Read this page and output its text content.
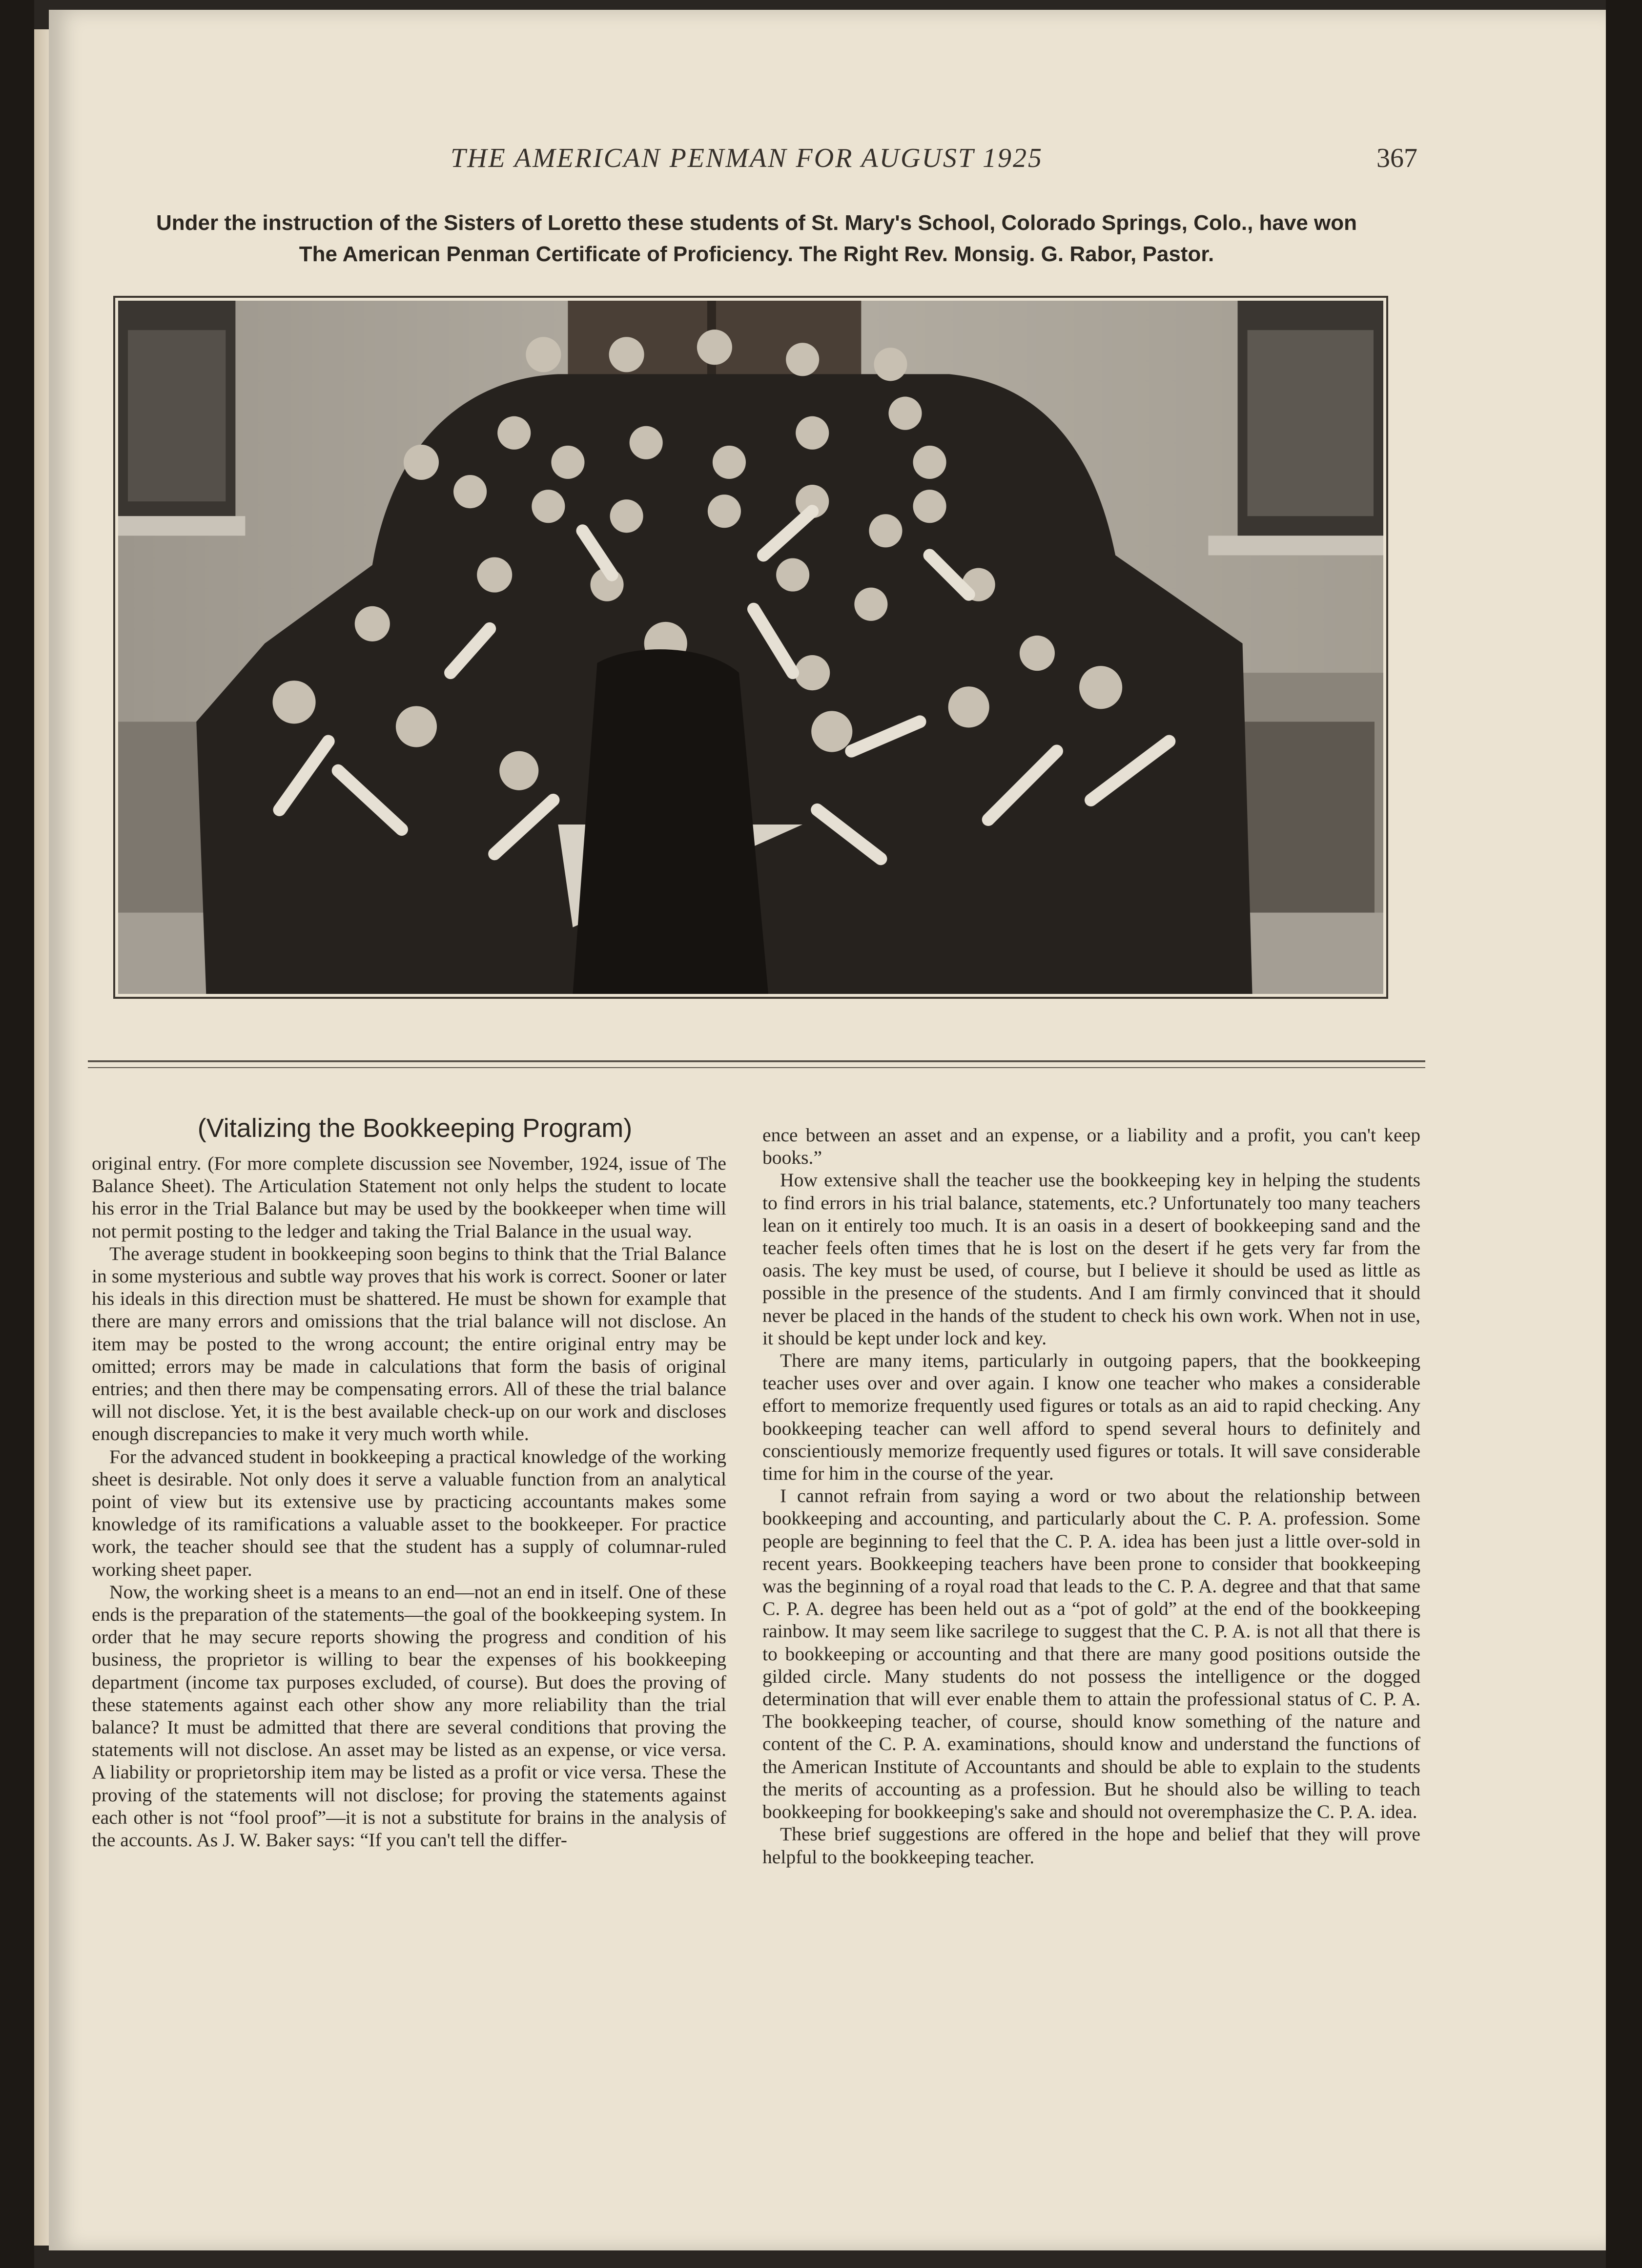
THE AMERICAN PENMAN FOR AUGUST 1925	367
Under the instruction of the Sisters of Loretto these students of St. Mary's School, Colorado Springs, Colo., have won
The American Penman Certificate of Proficiency. The Right Rev. Monsig. G. Rabor, Pastor.
(Vitalizing the Bookkeeping Program)

original entry. (For more complete discussion see November, 1924, issue of The Balance Sheet). The Articulation Statement not only helps the student to locate his error in the Trial Balance but may be used by the bookkeeper when time will not permit posting to the ledger and taking the Trial Balance in the usual way.

The average student in bookkeeping soon begins to think that the Trial Balance in some mysterious and subtle way proves that his work is correct. Sooner or later his ideals in this direction must be shattered. He must be shown for example that there are many errors and omissions that the trial balance will not disclose. An item may be posted to the wrong account; the entire original entry may be omitted; errors may be made in calculations that form the basis of original entries; and then there may be compensating errors. All of these the trial balance will not disclose. Yet, it is the best available check-up on our work and discloses enough discrepancies to make it very much worth while.

For the advanced student in bookkeeping a practical knowledge of the working sheet is desirable. Not only does it serve a valuable function from an analytical point of view but its extensive use by practicing accountants makes some knowledge of its ramifications a valuable asset to the bookkeeper. For practice work, the teacher should see that the student has a supply of columnar-ruled working sheet paper.

Now, the working sheet is a means to an end—not an end in itself. One of these ends is the preparation of the statements—the goal of the bookkeeping system. In order that he may secure reports showing the progress and condition of his business, the proprietor is willing to bear the expenses of his bookkeeping department (income tax purposes excluded, of course). But does the proving of these statements against each other show any more reliability than the trial balance? It must be admitted that there are several conditions that proving the statements will not disclose. An asset may be listed as an expense, or vice versa. A liability or proprietorship item may be listed as a profit or vice versa. These the proving of the statements will not disclose; for proving the statements against each other is not “fool proof”—it is not a substitute for brains in the analysis of the accounts. As J. W. Baker says: “If you can't tell the differ-

ence between an asset and an expense, or a liability and a profit, you can't keep books.”

How extensive shall the teacher use the bookkeeping key in helping the students to find errors in his trial balance, statements, etc.? Unfortunately too many teachers lean on it entirely too much. It is an oasis in a desert of bookkeeping sand and the teacher feels often times that he is lost on the desert if he gets very far from the oasis. The key must be used, of course, but I believe it should be used as little as possible in the presence of the students. And I am firmly convinced that it should never be placed in the hands of the student to check his own work. When not in use, it should be kept under lock and key.

There are many items, particularly in outgoing papers, that the bookkeeping teacher uses over and over again. I know one teacher who makes a considerable effort to memorize frequently used figures or totals as an aid to rapid checking. Any bookkeeping teacher can well afford to spend several hours to definitely and conscientiously memorize frequently used figures or totals. It will save considerable time for him in the course of the year.

I cannot refrain from saying a word or two about the relationship between bookkeeping and accounting, and particularly about the C. P. A. profession. Some people are beginning to feel that the C. P. A. idea has been just a little over-sold in recent years. Bookkeeping teachers have been prone to consider that bookkeeping was the beginning of a royal road that leads to the C. P. A. degree and that that same C. P. A. degree has been held out as a “pot of gold” at the end of the bookkeeping rainbow. It may seem like sacrilege to suggest that the C. P. A. is not all that there is to bookkeeping or accounting and that there are many good positions outside the gilded circle. Many students do not possess the intelligence or the dogged determination that will ever enable them to attain the professional status of C. P. A. The bookkeeping teacher, of course, should know something of the nature and content of the C. P. A. examinations, should know and understand the functions of the American Institute of Accountants and should be able to explain to the students the merits of accounting as a profession. But he should also be willing to teach bookkeeping for bookkeeping's sake and should not overemphasize the C. P. A. idea.

These brief suggestions are offered in the hope and belief that they will prove helpful to the bookkeeping teacher.
